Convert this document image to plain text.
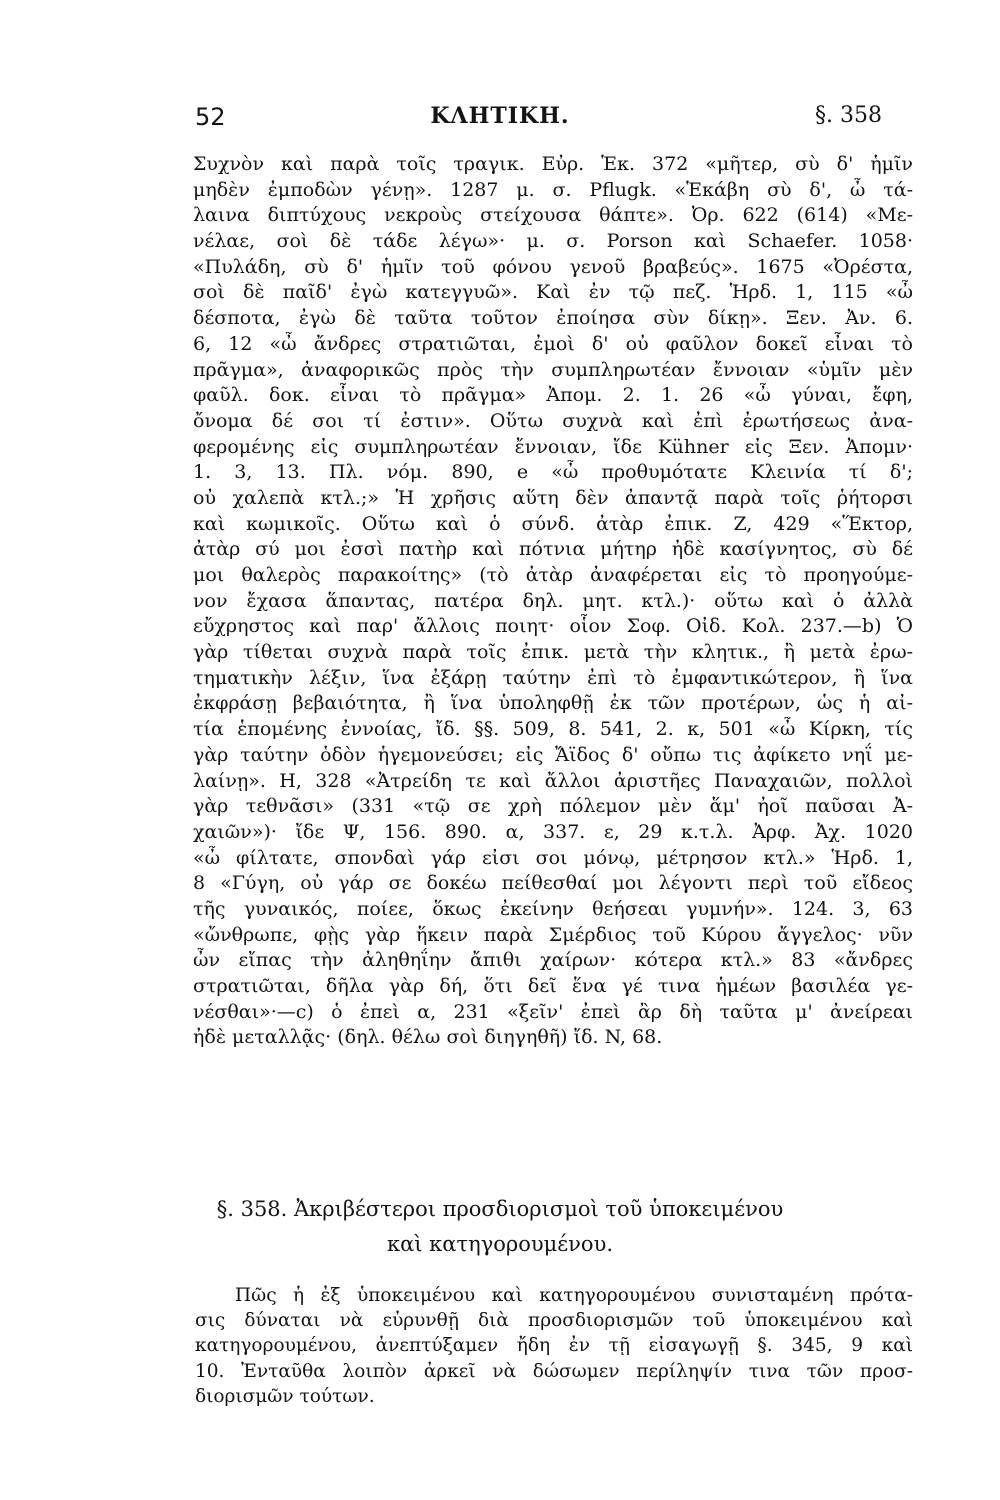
ΚΛΗΤΙΚΗ.
52	§. 358
Συχνὸν καὶ παρὰ τοῖς τραγικ. Εὐρ. Ἑκ. 372 «μῆτερ, σὺ δ' ἡμῖν
μηδὲν ἐμποδὼν γένῃ». 1287 μ. σ. Pflugk. «Ἑκάβη σὺ δ', ὦ τά-
λαινα διπτύχους νεκροὺς στείχουσα θάπτε». Ὀρ. 622 (614) «Με-
νέλαε, σοὶ δὲ τάδε λέγω»· μ. σ. Porson καὶ Schaefer. 1058·
«Πυλάδη, σὺ δ' ἡμῖν τοῦ φόνου γενοῦ βραβεύς». 1675 «Ὀρέστα,
σοὶ δὲ παῖδ' ἐγὼ κατεγγυῶ». Καὶ ἐν τῷ πεζ. Ἡρδ. 1, 115 «ὦ
δέσποτα, ἐγὼ δὲ ταῦτα τοῦτον ἐποίησα σὺν δίκῃ». Ξεν. Ἀν. 6.
6, 12 «ὦ ἄνδρες στρατιῶται, ἐμοὶ δ' οὐ φαῦλον δοκεῖ εἶναι τὸ
πρᾶγμα», ἀναφορικῶς πρὸς τὴν συμπληρωτέαν ἔννοιαν «ὑμῖν μὲν
φαῦλ. δοκ. εἶναι τὸ πρᾶγμα» Ἀπομ. 2. 1. 26 «ὦ γύναι, ἔφη,
ὄνομα δέ σοι τί ἐστιν». Οὕτω συχνὰ καὶ ἐπὶ ἐρωτήσεως ἀνα-
φερομένης εἰς συμπληρωτέαν ἔννοιαν, ἴδε Kühner εἰς Ξεν. Ἀπομν·
1. 3, 13. Πλ. νόμ. 890, e «ὦ προθυμότατε Κλεινία τί δ';
οὐ χαλεπὰ κτλ.;» Ἡ χρῆσις αὕτη δὲν ἀπαντᾷ παρὰ τοῖς ῥήτορσι
καὶ κωμικοῖς. Οὕτω καὶ ὁ σύνδ. ἀτὰρ ἐπικ. Z, 429 «Ἕκτορ,
ἀτὰρ σύ μοι ἐσσὶ πατὴρ καὶ πότνια μήτηρ ἠδὲ κασίγνητος, σὺ δέ
μοι θαλερὸς παρακοίτης» (τὸ ἀτὰρ ἀναφέρεται εἰς τὸ προηγούμε-
νον ἔχασα ἅπαντας, πατέρα δηλ. μητ. κτλ.)· οὕτω καὶ ὁ ἀλλὰ
εὔχρηστος καὶ παρ' ἄλλοις ποιητ· οἷον Σοφ. Οἰδ. Κολ. 237.—b) Ὁ
γὰρ τίθεται συχνὰ παρὰ τοῖς ἐπικ. μετὰ τὴν κλητικ., ἢ μετὰ ἐρω-
τηματικὴν λέξιν, ἵνα ἐξάρῃ ταύτην ἐπὶ τὸ ἐμφαντικώτερον, ἢ ἵνα
ἐκφράσῃ βεβαιότητα, ἢ ἵνα ὑποληφθῇ ἐκ τῶν προτέρων, ὡς ἡ αἰ-
τία ἑπομένης ἐννοίας, ἴδ. §§. 509, 8. 541, 2. κ, 501 «ὦ Κίρκη, τίς
γὰρ ταύτην ὁδὸν ἡγεμονεύσει; εἰς Ἄϊδος δ' οὔπω τις ἀφίκετο νηΐ με-
λαίνῃ». H, 328 «Ἀτρείδη τε καὶ ἄλλοι ἀριστῆες Παναχαιῶν, πολλοὶ
γὰρ τεθνᾶσι» (331 «τῷ σε χρὴ πόλεμον μὲν ἅμ' ἠοῖ παῦσαι Ἀ-
χαιῶν»)· ἴδε Ψ, 156. 890. α, 337. ε, 29 κ.τ.λ. Ἀρφ. Ἀχ. 1020
«ὦ φίλτατε, σπονδαὶ γάρ εἰσι σοι μόνῳ, μέτρησον κτλ.» Ἡρδ. 1,
8 «Γύγη, οὐ γάρ σε δοκέω πείθεσθαί μοι λέγοντι περὶ τοῦ εἴδεος
τῆς γυναικός, ποίεε, ὅκως ἐκείνην θεήσεαι γυμνήν». 124. 3, 63
«ὤνθρωπε, φῂς γὰρ ἥκειν παρὰ Σμέρδιος τοῦ Κύρου ἄγγελος· νῦν
ὦν εἴπας τὴν ἀληθηΐην ἄπιθι χαίρων· κότερα κτλ.» 83 «ἄνδρες
στρατιῶται, δῆλα γὰρ δή, ὅτι δεῖ ἕνα γέ τινα ἡμέων βασιλέα γε-
νέσθαι»·—c) ὁ ἐπεὶ α, 231 «ξεῖν' ἐπεὶ ἂρ δὴ ταῦτα μ' ἀνείρεαι
ἠδὲ μεταλλᾷς· (δηλ. θέλω σοὶ διηγηθῆ) ἴδ. N, 68.
§. 358. Ἀκριβέστεροι προσδιορισμοὶ τοῦ ὑποκειμένου
καὶ κατηγορουμένου.
Πῶς ἡ ἐξ ὑποκειμένου καὶ κατηγορουμένου συνισταμένη πρότα-
σις δύναται νὰ εὐρυνθῇ διὰ προσδιορισμῶν τοῦ ὑποκειμένου καὶ
κατηγορουμένου, ἀνεπτύξαμεν ἤδη ἐν τῇ εἰσαγωγῇ §. 345, 9 καὶ
10. Ἐνταῦθα λοιπὸν ἀρκεῖ νὰ δώσωμεν περίληψίν τινα τῶν προσ-
διορισμῶν τούτων.
